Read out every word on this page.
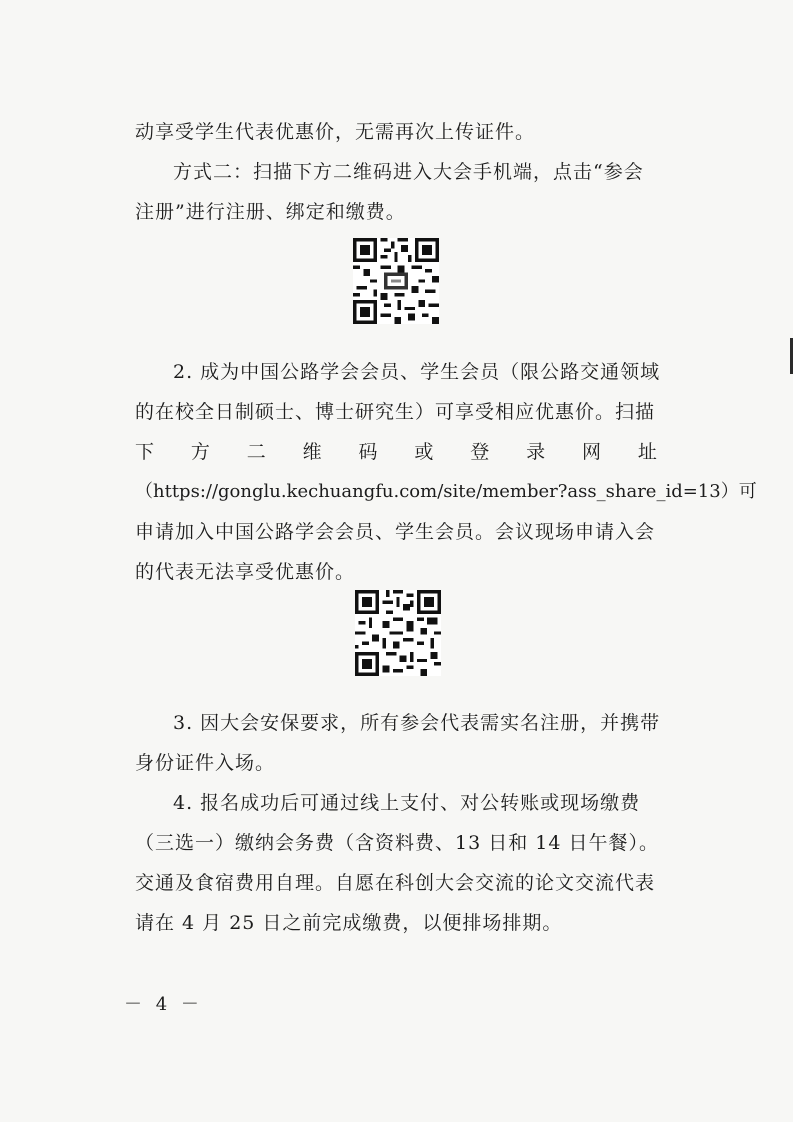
动享受学生代表优惠价，无需再次上传证件。

方式二：扫描下方二维码进入大会手机端，点击“参会
注册”进行注册、绑定和缴费。

2. 成为中国公路学会会员、学生会员（限公路交通领域
的在校全日制硕士、博士研究生）可享受相应优惠价。扫描
下 方 二 维 码 或 登 录 网 址
（https://gonglu.kechuangfu.com/site/member?ass_share_id=13）可
申请加入中国公路学会会员、学生会员。会议现场申请入会
的代表无法享受优惠价。

3. 因大会安保要求，所有参会代表需实名注册，并携带
身份证件入场。

4. 报名成功后可通过线上支付、对公转账或现场缴费
（三选一）缴纳会务费（含资料费、13 日和 14 日午餐）。
交通及食宿费用自理。自愿在科创大会交流的论文交流代表
请在 4 月 25 日之前完成缴费，以便排场排期。

－ 4 －
